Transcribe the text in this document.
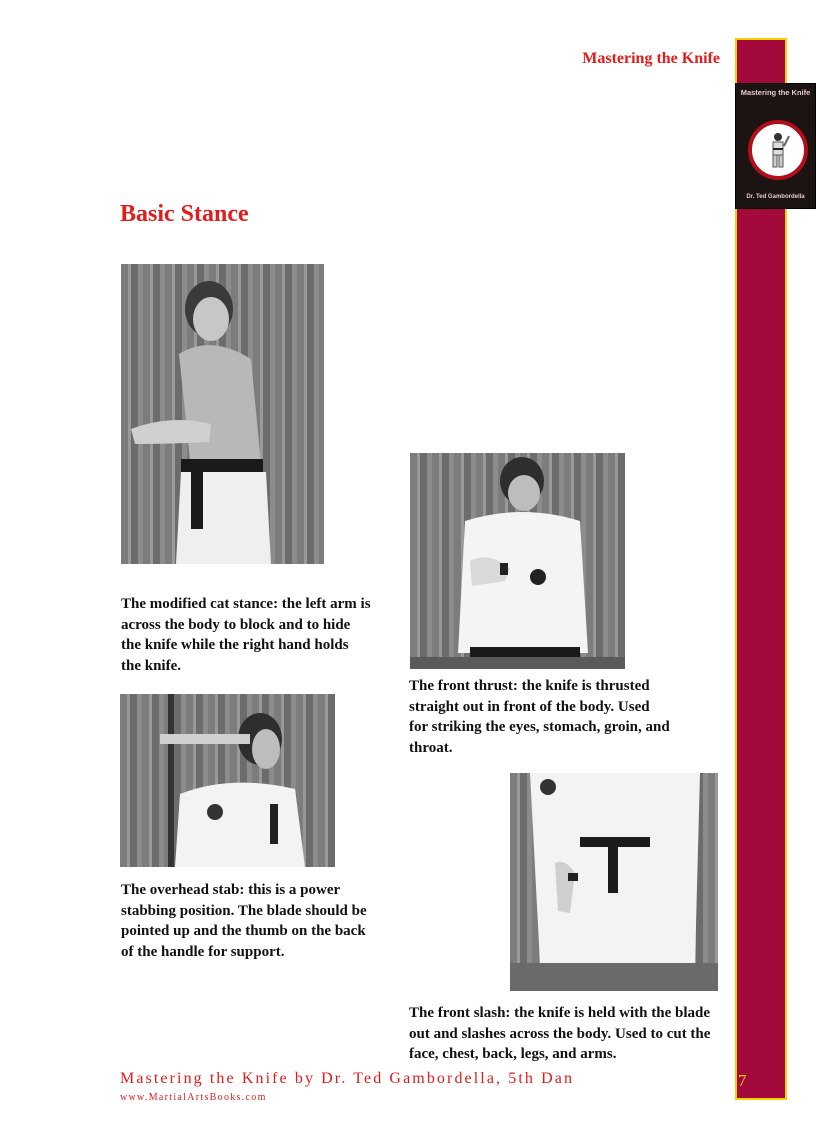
Mastering the Knife
Dr. Ted Gambordella
Mastering the Knife
Basic Stance
The modified cat stance: the left arm is across the body to block and to hide the knife while the right hand holds the knife.
The overhead stab: this is a power stabbing position. The blade should be pointed up and the thumb on the back of the handle for support.
The front thrust: the knife is thrusted straight out in front of the body. Used for striking the eyes, stomach, groin, and throat.
The front slash: the knife is held with the blade out and slashes across the body. Used to cut the face, chest, back, legs, and arms.
Mastering the Knife by Dr. Ted Gambordella, 5th Dan
www.MartialArtsBooks.com
7
